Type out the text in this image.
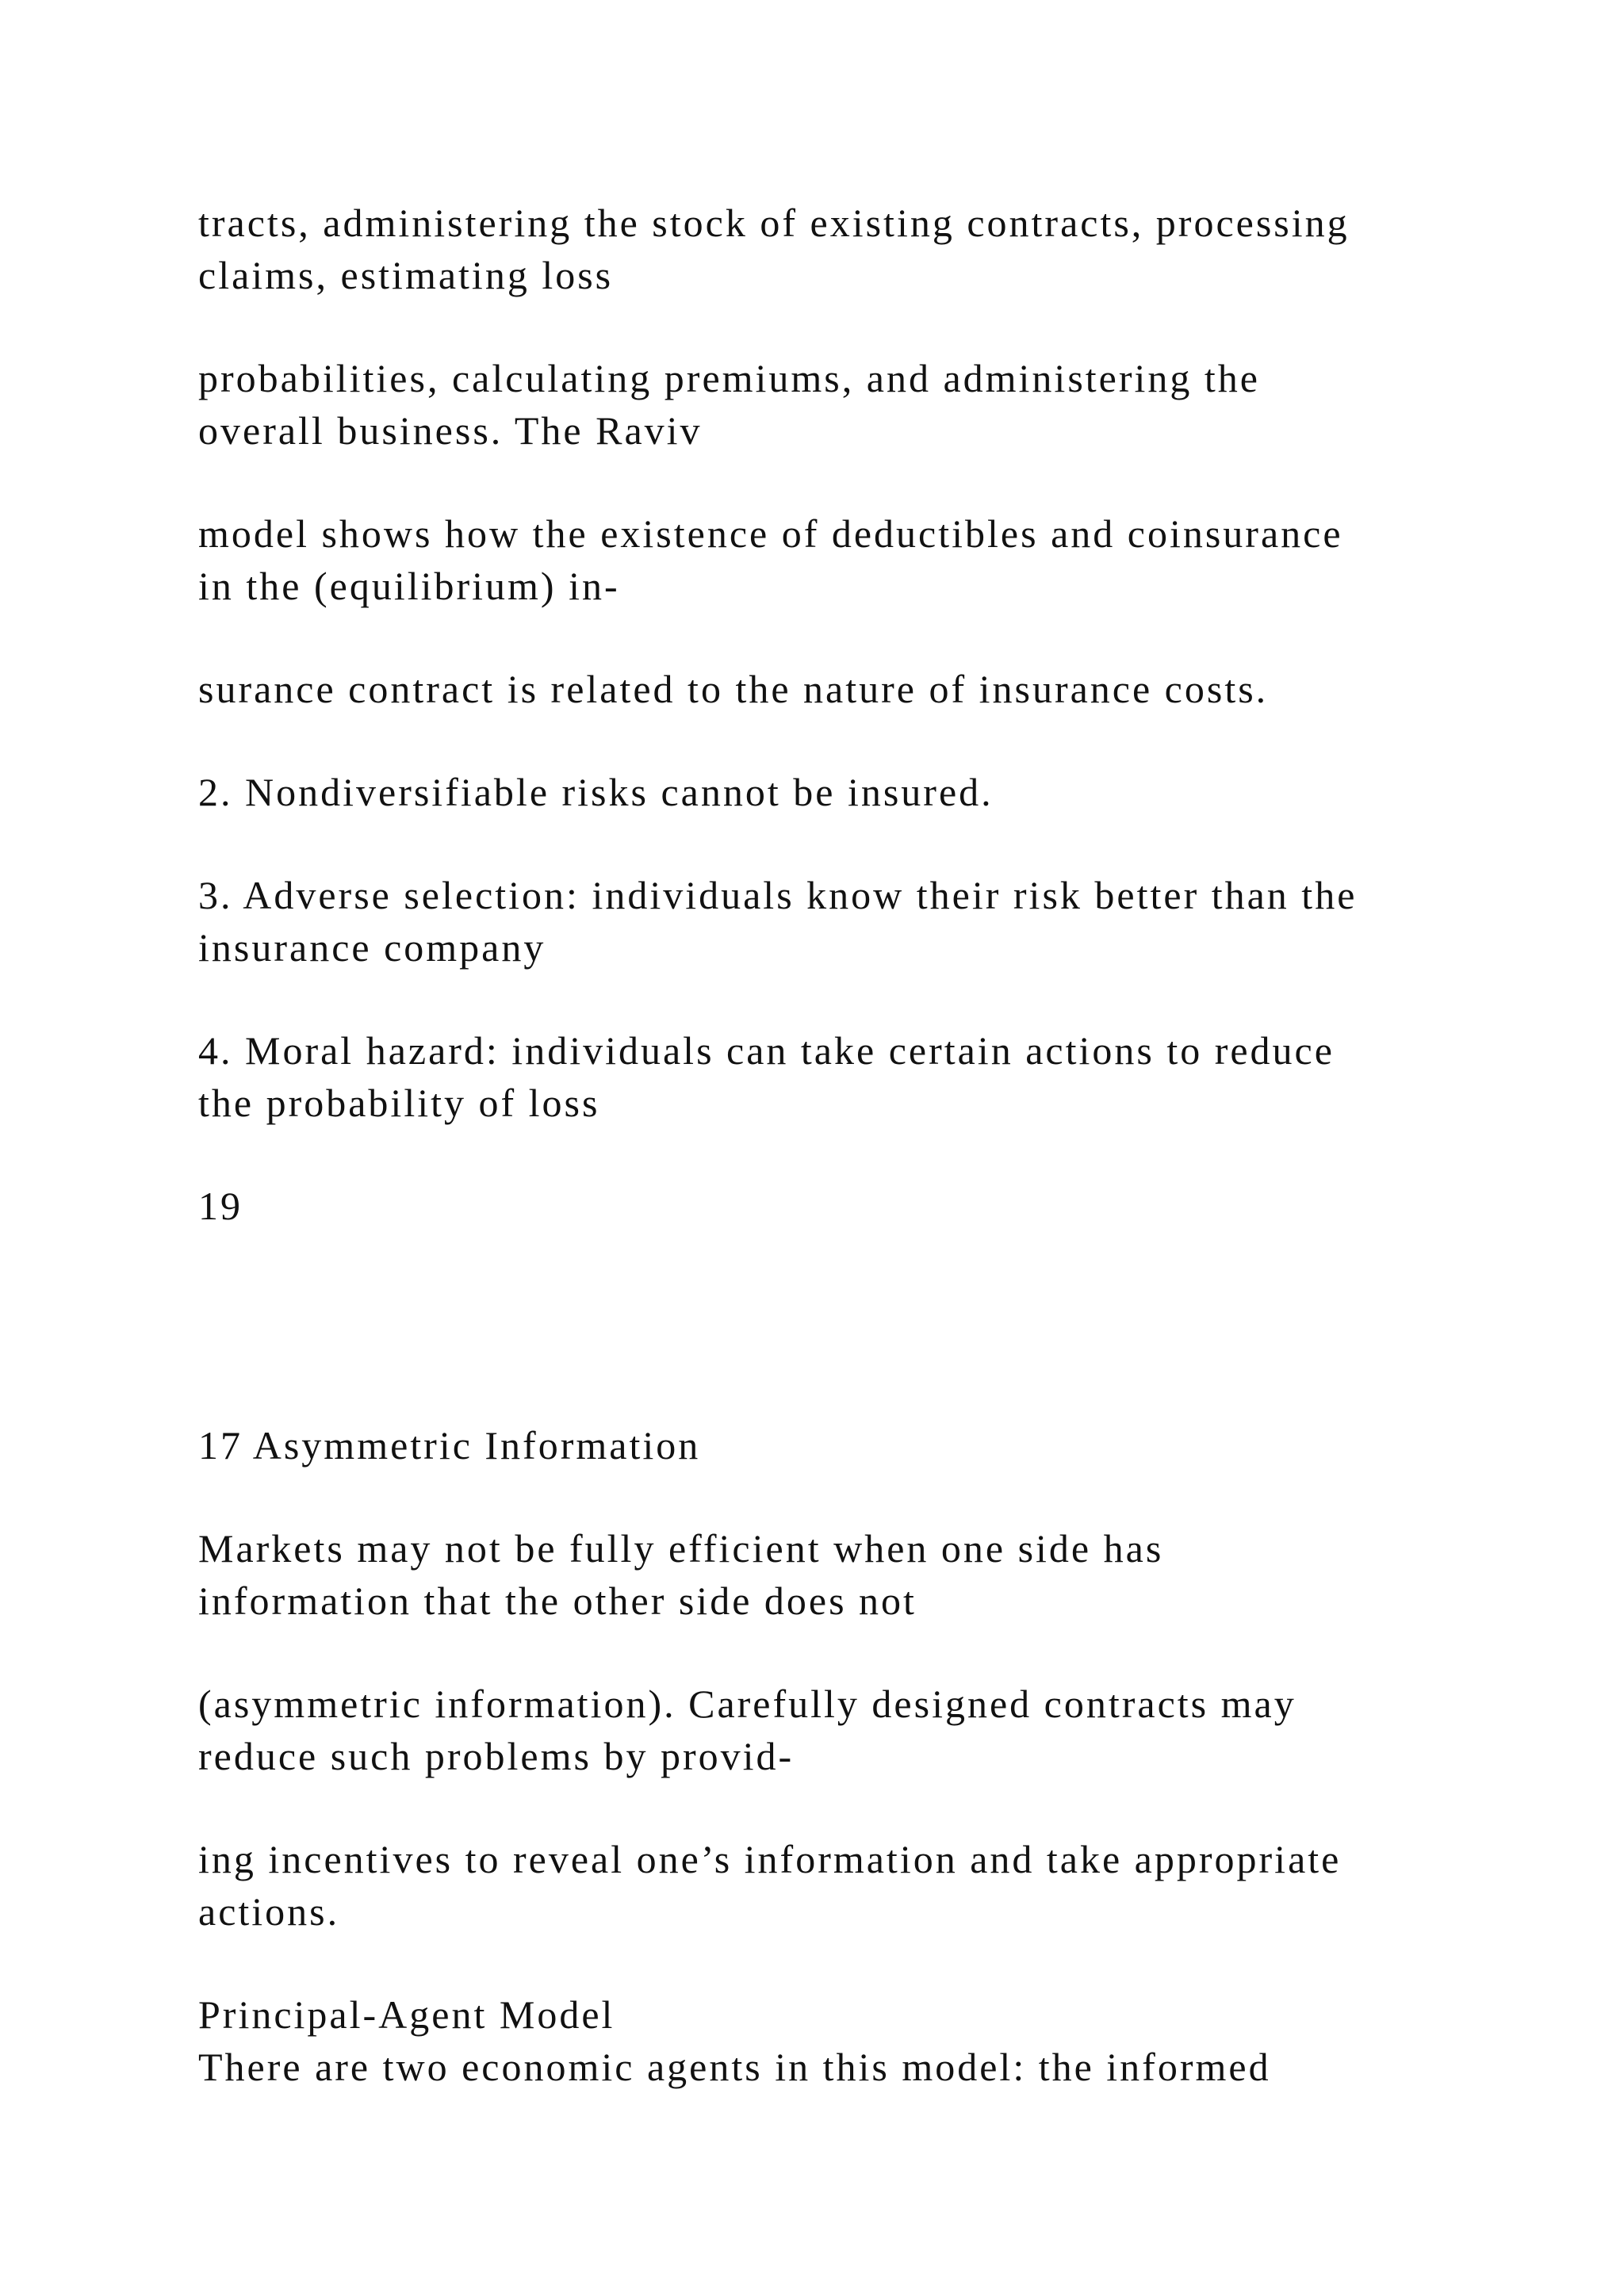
tracts, administering the stock of existing contracts, processing
claims, estimating loss

probabilities, calculating premiums, and administering the
overall business. The Raviv

model shows how the existence of deductibles and coinsurance
in the (equilibrium) in-

surance contract is related to the nature of insurance costs.

2. Nondiversifiable risks cannot be insured.

3. Adverse selection: individuals know their risk better than the
insurance company

4. Moral hazard: individuals can take certain actions to reduce
the probability of loss

19

17 Asymmetric Information

Markets may not be fully efficient when one side has
information that the other side does not

(asymmetric information). Carefully designed contracts may
reduce such problems by provid-

ing incentives to reveal one’s information and take appropriate
actions.

Principal-Agent Model

There are two economic agents in this model: the informed
